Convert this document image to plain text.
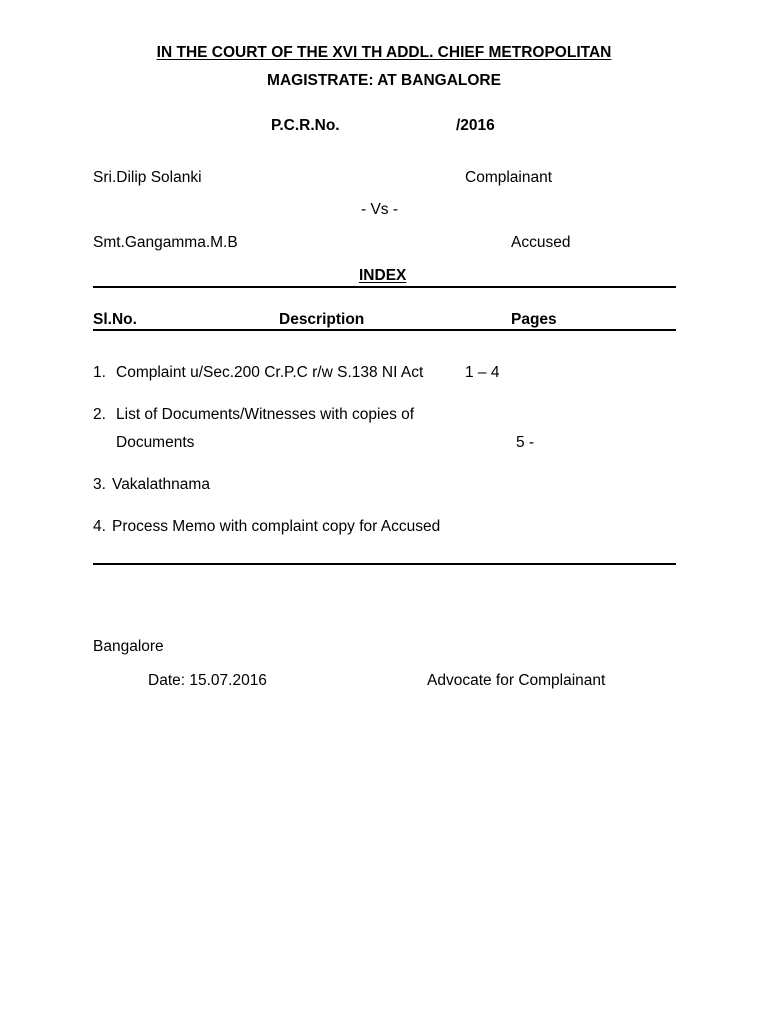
IN THE COURT OF THE XVI TH ADDL. CHIEF METROPOLITAN
MAGISTRATE: AT BANGALORE
P.C.R.No.	/2016
Sri.Dilip Solanki	Complainant
- Vs -
Smt.Gangamma.M.B	Accused
INDEX
Sl.No.	Description	Pages
1. Complaint u/Sec.200 Cr.P.C r/w S.138 NI Act	1 – 4
2. List of Documents/Witnesses with copies of
Documents	5 -
3. Vakalathnama
4. Process Memo with complaint copy for Accused
Bangalore
Date: 15.07.2016	Advocate for Complainant
